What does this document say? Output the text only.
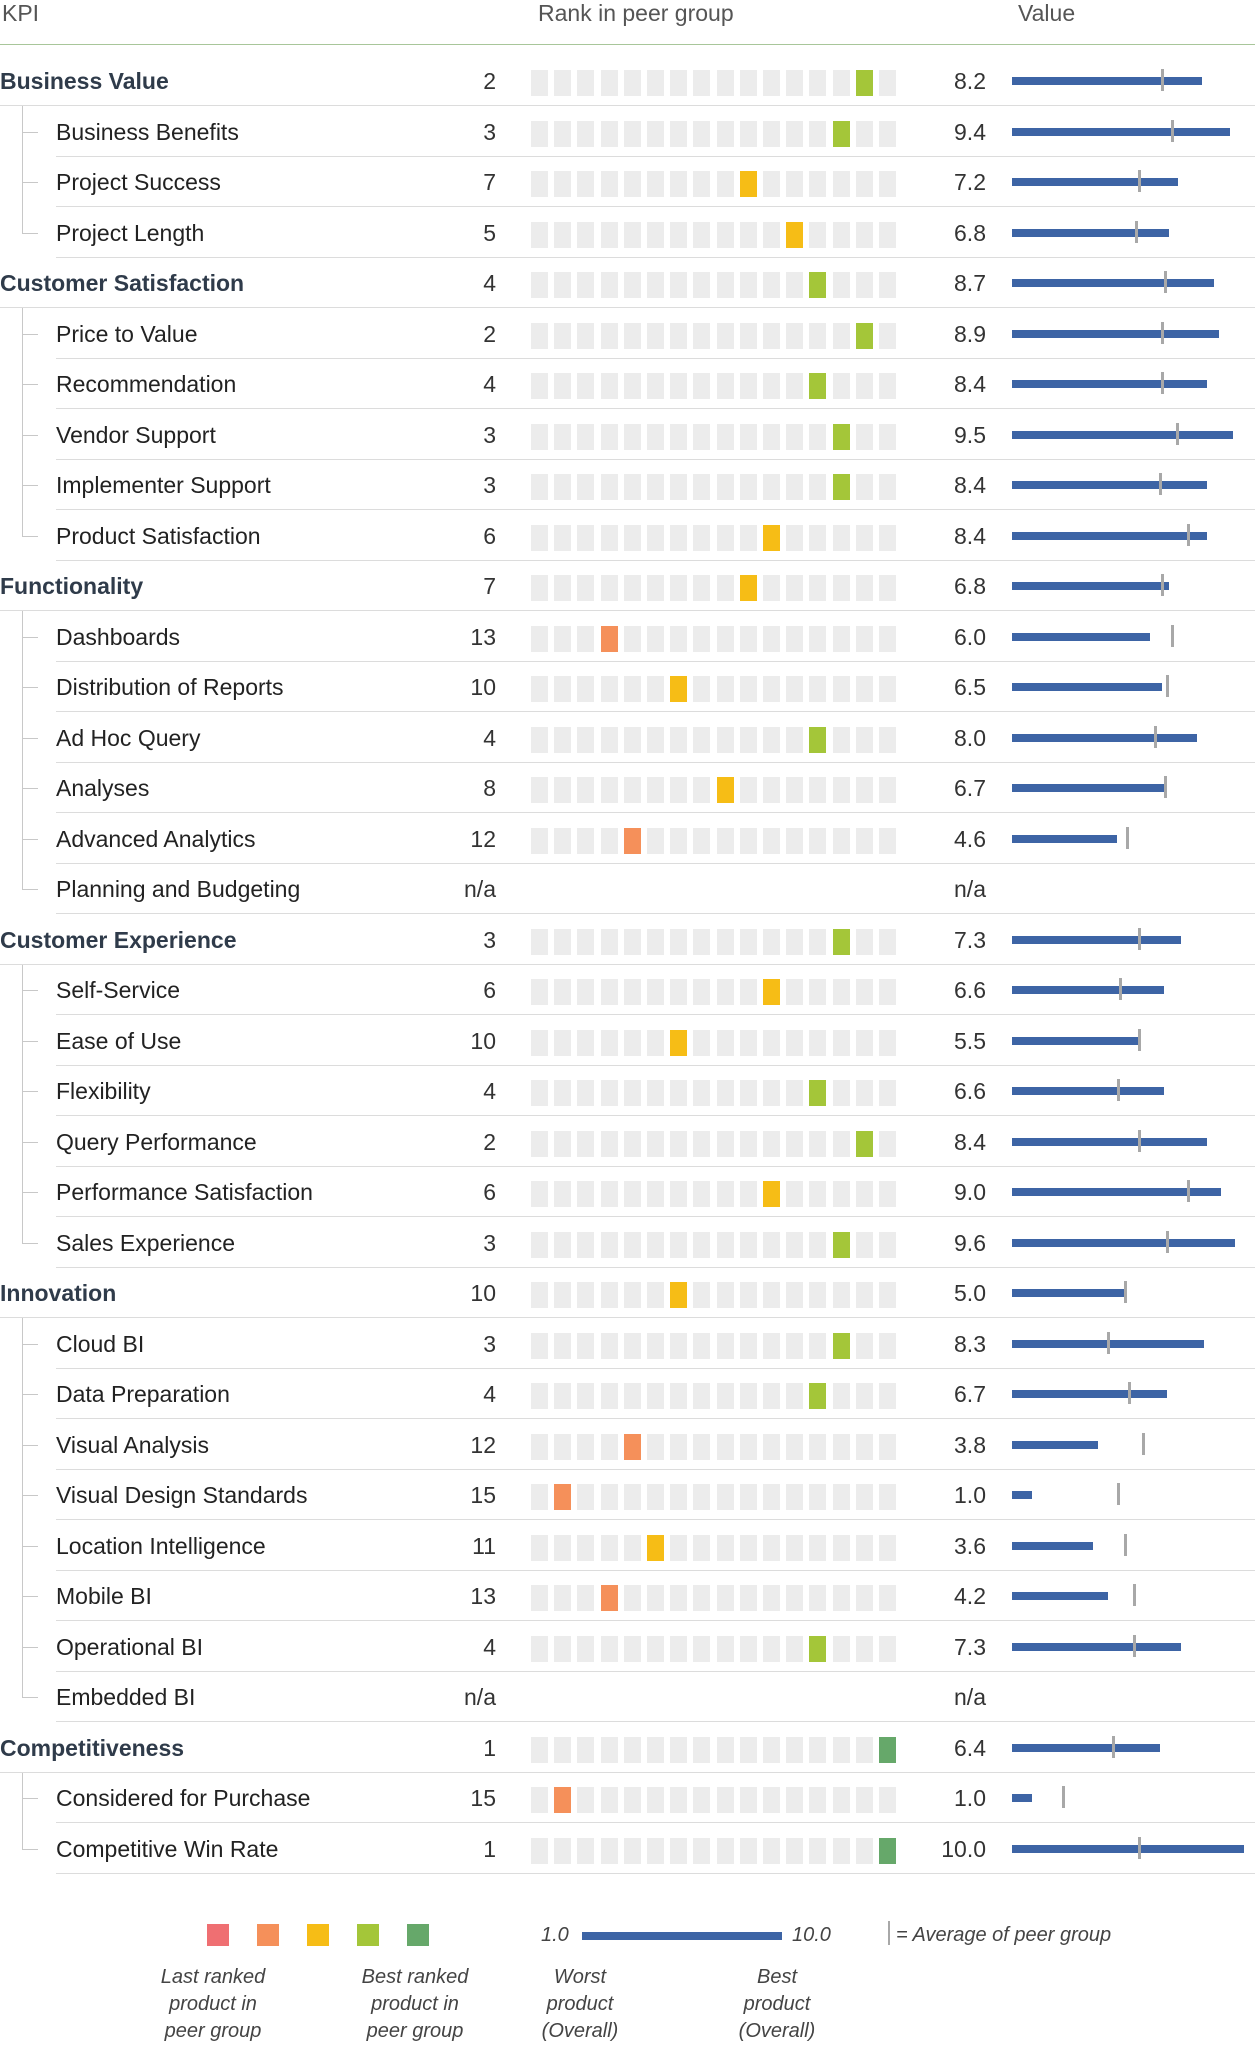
KPI	Rank in peer group	Value
Business Value	2	8.2
Business Benefits	3	9.4
Project Success	7	7.2
Project Length	5	6.8
Customer Satisfaction	4	8.7
Price to Value	2	8.9
Recommendation	4	8.4
Vendor Support	3	9.5
Implementer Support	3	8.4
Product Satisfaction	6	8.4
Functionality	7	6.8
Dashboards	13	6.0
Distribution of Reports	10	6.5
Ad Hoc Query	4	8.0
Analyses	8	6.7
Advanced Analytics	12	4.6
Planning and Budgeting	n/a	n/a
Customer Experience	3	7.3
Self-Service	6	6.6
Ease of Use	10	5.5
Flexibility	4	6.6
Query Performance	2	8.4
Performance Satisfaction	6	9.0
Sales Experience	3	9.6
Innovation	10	5.0
Cloud BI	3	8.3
Data Preparation	4	6.7
Visual Analysis	12	3.8
Visual Design Standards	15	1.0
Location Intelligence	11	3.6
Mobile BI	13	4.2
Operational BI	4	7.3
Embedded BI	n/a	n/a
Competitiveness	1	6.4
Considered for Purchase	15	1.0
Competitive Win Rate	1	10.0
1.0	10.0	= Average of peer group
Last ranked product in peer group
Best ranked product in peer group
Worst product (Overall)
Best product (Overall)
